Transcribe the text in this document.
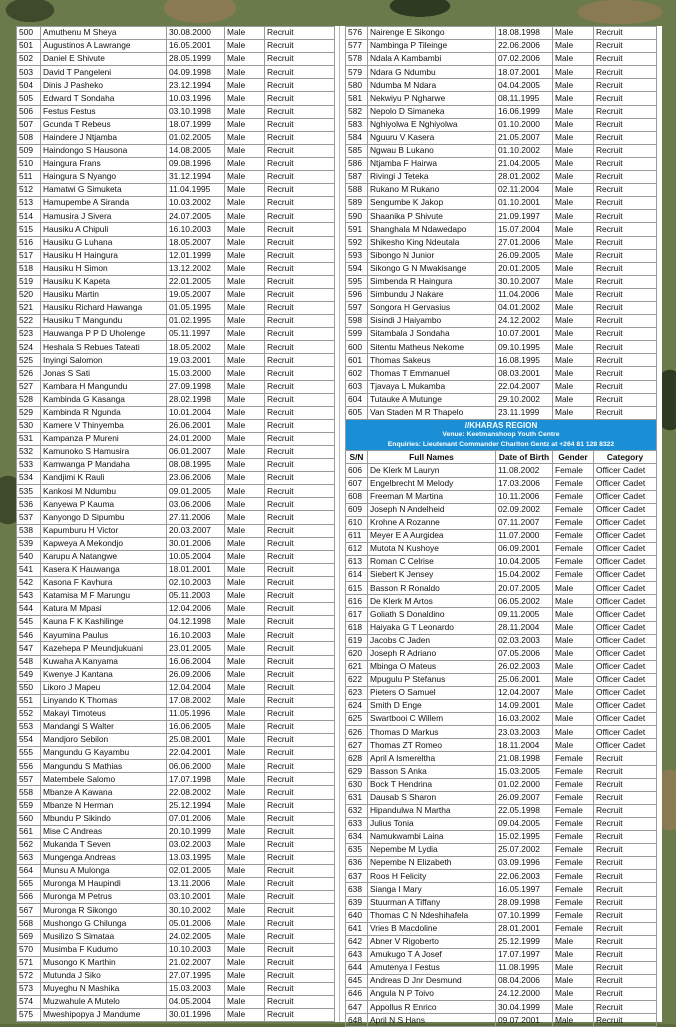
500	Amuthenu M Sheya	30.08.2000	Male	Recruit
501	Augustinos A Lawrange	16.05.2001	Male	Recruit
502	Daniel E Shivute	28.05.1999	Male	Recruit
503	David T Pangeleni	04.09.1998	Male	Recruit
504	Dinis J Pasheko	23.12.1994	Male	Recruit
505	Edward T Sondaha	10.03.1996	Male	Recruit
506	Festus Festus	03.10.1998	Male	Recruit
507	Gcunda T Rebeus	18.07.1999	Male	Recruit
508	Haindere J Ntjamba	01.02.2005	Male	Recruit
509	Haindongo S Hausona	14.08.2005	Male	Recruit
510	Haingura Frans	09.08.1996	Male	Recruit
511	Haingura S Nyango	31.12.1994	Male	Recruit
512	Hamatwi G Simuketa	11.04.1995	Male	Recruit
513	Hamupembe A Siranda	10.03.2002	Male	Recruit
514	Hamusira J Sivera	24.07.2005	Male	Recruit
515	Hausiku A Chipuli	16.10.2003	Male	Recruit
516	Hausiku G Luhana	18.05.2007	Male	Recruit
517	Hausiku H Haingura	12.01.1999	Male	Recruit
518	Hausiku H Simon	13.12.2002	Male	Recruit
519	Hausiku K Kapeta	22.01.2005	Male	Recruit
520	Hausiku Martin	19.05.2007	Male	Recruit
521	Hausiku Richard Hawanga	01.05.1995	Male	Recruit
522	Hausiku T Mangundu	01.02.1995	Male	Recruit
523	Hauwanga P P D Uholenge	05.11.1997	Male	Recruit
524	Heshala S Rebues Tateati	18.05.2002	Male	Recruit
525	Inyingi Salomon	19.03.2001	Male	Recruit
526	Jonas S Sati	15.03.2000	Male	Recruit
527	Kambara H Mangundu	27.09.1998	Male	Recruit
528	Kambinda G Kasanga	28.02.1998	Male	Recruit
529	Kambinda R Ngunda	10.01.2004	Male	Recruit
530	Kamere V Thinyemba	26.06.2001	Male	Recruit
531	Kampanza P Mureni	24.01.2000	Male	Recruit
532	Kamunoko S Hamusira	06.01.2007	Male	Recruit
533	Kamwanga P Mandaha	08.08.1995	Male	Recruit
534	Kandjimi K Rauli	23.06.2006	Male	Recruit
535	Kankosi M Ndumbu	09.01.2005	Male	Recruit
536	Kanyewa P Kauma	03.06.2006	Male	Recruit
537	Kanyongo D Sipumbu	27.11.2006	Male	Recruit
538	Kapumburu H Victor	20.03.2007	Male	Recruit
539	Kapweya A Mekondjo	30.01.2006	Male	Recruit
540	Karupu A Natangwe	10.05.2004	Male	Recruit
541	Kasera K Hauwanga	18.01.2001	Male	Recruit
542	Kasona F Kavhura	02.10.2003	Male	Recruit
543	Katamisa M F Marungu	05.11.2003	Male	Recruit
544	Katura M Mpasi	12.04.2006	Male	Recruit
545	Kauna F K Kashilinge	04.12.1998	Male	Recruit
546	Kayumina Paulus	16.10.2003	Male	Recruit
547	Kazehepa P Meundjukuani	23.01.2005	Male	Recruit
548	Kuwaha A Kanyama	16.06.2004	Male	Recruit
549	Kwenye J Kantana	26.09.2006	Male	Recruit
550	Likoro J Mapeu	12.04.2004	Male	Recruit
551	Linyando K Thomas	17.08.2002	Male	Recruit
552	Makayi Timoteus	11.05.1996	Male	Recruit
553	Mandangi S Walter	16.06.2005	Male	Recruit
554	Mandjoro Sebilon	25.08.2001	Male	Recruit
555	Mangundu G Kayambu	22.04.2001	Male	Recruit
556	Mangundu S Mathias	06.06.2000	Male	Recruit
557	Matembele Salomo	17.07.1998	Male	Recruit
558	Mbanze A Kawana	22.08.2002	Male	Recruit
559	Mbanze N Herman	25.12.1994	Male	Recruit
560	Mbundu P Sikindo	07.01.2006	Male	Recruit
561	Mise C Andreas	20.10.1999	Male	Recruit
562	Mukanda T Seven	03.02.2003	Male	Recruit
563	Mungenga Andreas	13.03.1995	Male	Recruit
564	Munsu A Mulonga	02.01.2005	Male	Recruit
565	Muronga M Haupindi	13.11.2006	Male	Recruit
566	Muronga M Petrus	03.10.2001	Male	Recruit
567	Muronga R Sikongo	30.10.2002	Male	Recruit
568	Mushongo G Chilunga	05.01.2006	Male	Recruit
569	Musilizo S Simataa	24.02.2005	Male	Recruit
570	Musimba F Kudumo	10.10.2003	Male	Recruit
571	Musongo K Marthin	21.02.2007	Male	Recruit
572	Mutunda J Siko	27.07.1995	Male	Recruit
573	Muyeghu N Mashika	15.03.2003	Male	Recruit
574	Muzwahule A Mutelo	04.05.2004	Male	Recruit
575	Mweshipopya J Mandume	30.01.1996	Male	Recruit
576	Nairenge E Sikongo	18.08.1998	Male	Recruit
577	Nambinga P Tileinge	22.06.2006	Male	Recruit
578	Ndala A Kambambi	07.02.2006	Male	Recruit
579	Ndara G Ndumbu	18.07.2001	Male	Recruit
580	Ndumba M Ndara	04.04.2005	Male	Recruit
581	Nekwiyu P Ngharwe	08.11.1995	Male	Recruit
582	Nepolo D Simaneka	16.06.1999	Male	Recruit
583	Nghiyolwa E Nghiyolwa	01.10.2000	Male	Recruit
584	Nguuru V Kasera	21.05.2007	Male	Recruit
585	Ngwau B Lukano	01.10.2002	Male	Recruit
586	Ntjamba F Hairwa	21.04.2005	Male	Recruit
587	Rivingi J Teteka	28.01.2002	Male	Recruit
588	Rukano M Rukano	02.11.2004	Male	Recruit
589	Sengumbe K Jakop	01.10.2001	Male	Recruit
590	Shaanika P Shivute	21.09.1997	Male	Recruit
591	Shanghala M Ndawedapo	15.07.2004	Male	Recruit
592	Shikesho King Ndeutala	27.01.2006	Male	Recruit
593	Sibongo N Junior	26.09.2005	Male	Recruit
594	Sikongo G N Mwakisange	20.01.2005	Male	Recruit
595	Simbenda R Haingura	30.10.2007	Male	Recruit
596	Simbundu J Nakare	11.04.2006	Male	Recruit
597	Songora H Gervasius	04.01.2002	Male	Recruit
598	Sisindi J Haiyambo	24.12.2002	Male	Recruit
599	Sitambala J Sondaha	10.07.2001	Male	Recruit
600	Sitentu Matheus Nekome	09.10.1995	Male	Recruit
601	Thomas Sakeus	16.08.1995	Male	Recruit
602	Thomas T Emmanuel	08.03.2001	Male	Recruit
603	Tjavaya L Mukamba	22.04.2007	Male	Recruit
604	Tutauke A Mutunge	29.10.2002	Male	Recruit
605	Van Staden M R Thapelo	23.11.1999	Male	Recruit
//KHARAS REGION
Venue: Keetmanshoop Youth Centre
Enquiries: Lieutenant Commander Charlton Gentz at +264 81 128 8322				

S/N	Full Names	Date of Birth	Gender	Category
606	De Klerk M Lauryn	11.08.2002	Female	Officer Cadet
607	Engelbrecht M Melody	17.03.2006	Female	Officer Cadet
608	Freeman M Martina	10.11.2006	Female	Officer Cadet
609	Joseph N Andelheid	02.09.2002	Female	Officer Cadet
610	Krohne A Rozanne	07.11.2007	Female	Officer Cadet
611	Meyer E A Aurgidea	11.07.2000	Female	Officer Cadet
612	Mutota N Kushoye	06.09.2001	Female	Officer Cadet
613	Roman C Celrise	10.04.2005	Female	Officer Cadet
614	Siebert K Jensey	15.04.2002	Female	Officer Cadet
615	Basson R Ronaldo	20.07.2005	Male	Officer Cadet
616	De Klerk M Artos	06.05.2002	Male	Officer Cadet
617	Goliath S Donaldino	09.11.2005	Male	Officer Cadet
618	Haiyaka G T Leonardo	28.11.2004	Male	Officer Cadet
619	Jacobs C Jaden	02.03.2003	Male	Officer Cadet
620	Joseph R Adriano	07.05.2006	Male	Officer Cadet
621	Mbinga O Mateus	26.02.2003	Male	Officer Cadet
622	Mpugulu P Stefanus	25.06.2001	Male	Officer Cadet
623	Pieters O Samuel	12.04.2007	Male	Officer Cadet
624	Smith D Enge	14.09.2001	Male	Officer Cadet
625	Swartbooi C Willem	16.03.2002	Male	Officer Cadet
626	Thomas D Markus	23.03.2003	Male	Officer Cadet
627	Thomas ZT Romeo	18.11.2004	Male	Officer Cadet
628	April A Ismereltha	21.08.1998	Female	Recruit
629	Basson S Anka	15.03.2005	Female	Recruit
630	Bock T Hendrina	01.02.2000	Female	Recruit
631	Dausab S Sharon	26.09.2007	Female	Recruit
632	Hipandulwa N Martha	22.05.1998	Female	Recruit
633	Julius Tonia	09.04.2005	Female	Recruit
634	Namukwambi Laina	15.02.1995	Female	Recruit
635	Nepembe M Lydia	25.07.2002	Female	Recruit
636	Nepembe N Elizabeth	03.09.1996	Female	Recruit
637	Roos H Felicity	22.06.2003	Female	Recruit
638	Sianga I Mary	16.05.1997	Female	Recruit
639	Stuurman A Tiffany	28.09.1998	Female	Recruit
640	Thomas C N Ndeshihafela	07.10.1999	Female	Recruit
641	Vries B Macdoline	28.01.2001	Female	Recruit
642	Abner V Rigoberto	25.12.1999	Male	Recruit
643	Amukugo T A Josef	17.07.1997	Male	Recruit
644	Amutenya I Festus	11.08.1995	Male	Recruit
645	Andreas D Jnr Desmund	08.04.2006	Male	Recruit
646	Angula N P Toivo	24.12.2000	Male	Recruit
647	Appollus R Enrico	30.04.1999	Male	Recruit
648	April N S Hans	09.07.2001	Male	Recruit
